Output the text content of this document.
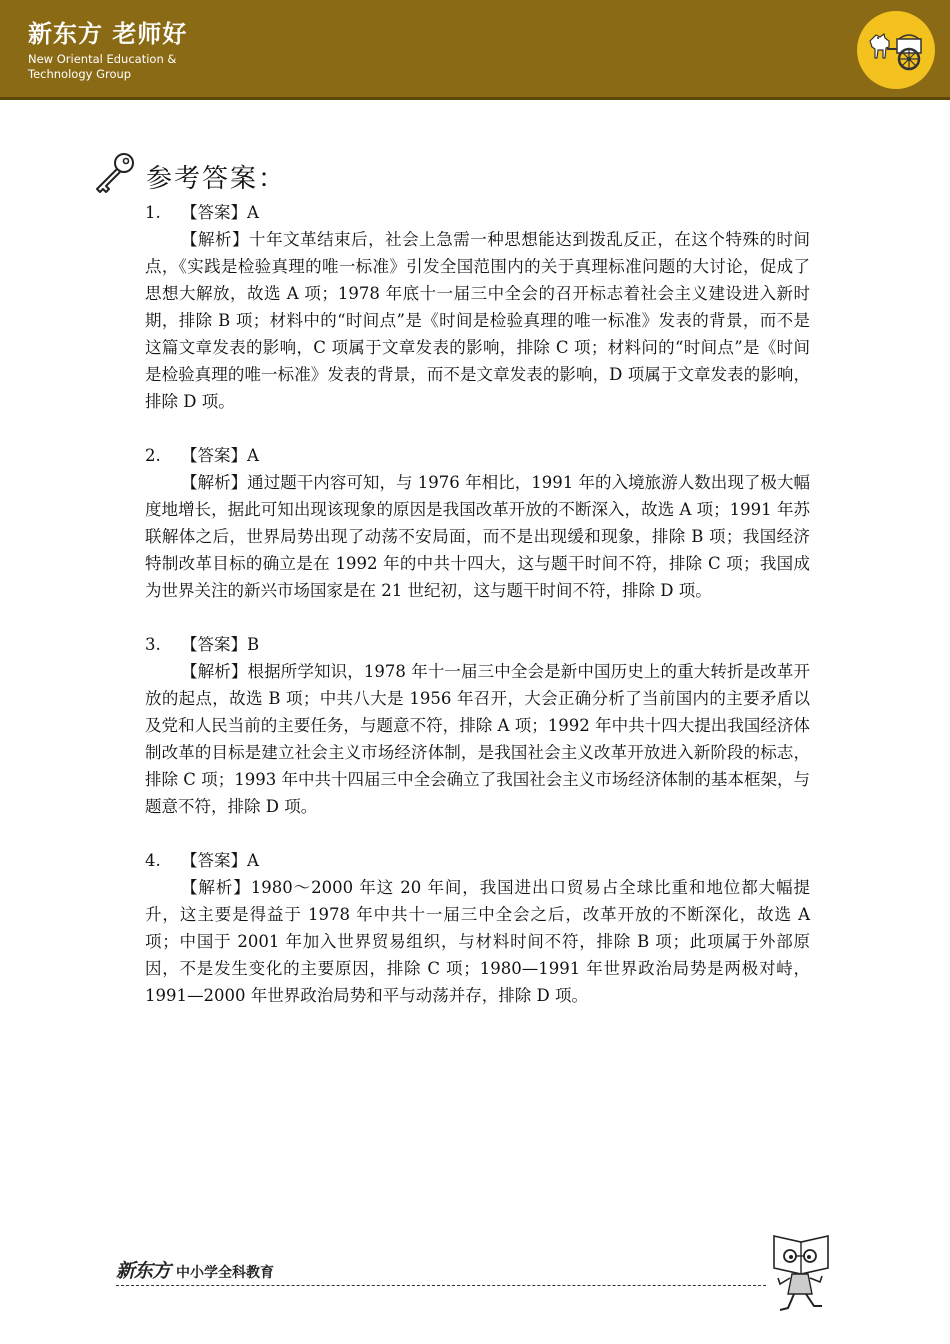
新东方 老师好
New Oriental Education &
Technology Group
参考答案：
1. 【答案】A

【解析】十年文革结束后，社会上急需一种思想能达到拨乱反正，在这个特殊的时间点，《实践是检验真理的唯一标准》引发全国范围内的关于真理标准问题的大讨论，促成了思想大解放，故选 A 项；1978 年底十一届三中全会的召开标志着社会主义建设进入新时期，排除 B 项；材料中的“时间点”是《时间是检验真理的唯一标准》发表的背景，而不是这篇文章发表的影响，C 项属于文章发表的影响，排除 C 项；材料问的“时间点”是《时间是检验真理的唯一标准》发表的背景，而不是文章发表的影响，D 项属于文章发表的影响，排除 D 项。

2. 【答案】A

【解析】通过题干内容可知，与 1976 年相比，1991 年的入境旅游人数出现了极大幅度地增长，据此可知出现该现象的原因是我国改革开放的不断深入，故选 A 项；1991 年苏联解体之后，世界局势出现了动荡不安局面，而不是出现缓和现象，排除 B 项；我国经济特制改革目标的确立是在 1992 年的中共十四大，这与题干时间不符，排除 C 项；我国成为世界关注的新兴市场国家是在 21 世纪初，这与题干时间不符，排除 D 项。

3. 【答案】B

【解析】根据所学知识，1978 年十一届三中全会是新中国历史上的重大转折是改革开放的起点，故选 B 项；中共八大是 1956 年召开，大会正确分析了当前国内的主要矛盾以及党和人民当前的主要任务，与题意不符，排除 A 项；1992 年中共十四大提出我国经济体制改革的目标是建立社会主义市场经济体制，是我国社会主义改革开放进入新阶段的标志，排除 C 项；1993 年中共十四届三中全会确立了我国社会主义市场经济体制的基本框架，与题意不符，排除 D 项。

4. 【答案】A

【解析】1980～2000 年这 20 年间，我国进出口贸易占全球比重和地位都大幅提升，这主要是得益于 1978 年中共十一届三中全会之后，改革开放的不断深化，故选 A 项；中国于 2001 年加入世界贸易组织，与材料时间不符，排除 B 项；此项属于外部原因，不是发生变化的主要原因，排除 C 项；1980—1991 年世界政治局势是两极对峙，1991—2000 年世界政治局势和平与动荡并存，排除 D 项。

新东方 中小学全科教育
